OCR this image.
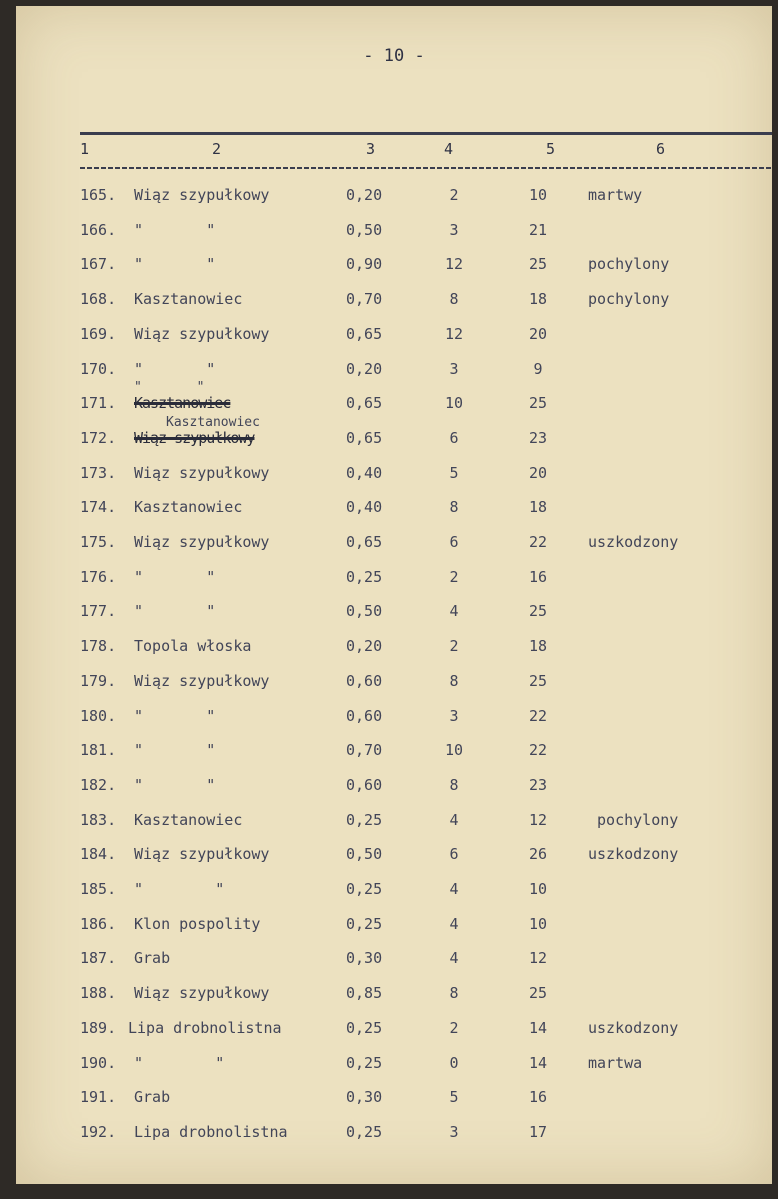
- 10 -
1	2	3	4	5	6
165. Wiąz szypułkowy	0,20	2	10	martwy
166. "       "	0,50	3	21
167. "       "	0,90	12	25	pochylony
168. Kasztanowiec	0,70	8	18	pochylony
169. Wiąz szypułkowy	0,65	12	20
170. "       "	0,20	3	9
171. Kasztanowiec	0,65	10	25
"       "
172. Wiąz szypułkowy	0,65	6	23
Kasztanowiec
173. Wiąz szypułkowy	0,40	5	20
174. Kasztanowiec	0,40	8	18
175. Wiąz szypułkowy	0,65	6	22	uszkodzony
176. "       "	0,25	2	16
177. "       "	0,50	4	25
178. Topola włoska	0,20	2	18
179. Wiąz szypułkowy	0,60	8	25
180. "       "	0,60	3	22
181. "       "	0,70	10	22
182. "       "	0,60	8	23
183. Kasztanowiec	0,25	4	12	pochylony
184. Wiąz szypułkowy	0,50	6	26	uszkodzony
185. "        "	0,25	4	10
186. Klon pospolity	0,25	4	10
187. Grab	0,30	4	12
188. Wiąz szypułkowy	0,85	8	25
189. Lipa drobnolistna	0,25	2	14	uszkodzony
190. "        "	0,25	0	14	martwa
191. Grab	0,30	5	16
192. Lipa drobnolistna	0,25	3	17
